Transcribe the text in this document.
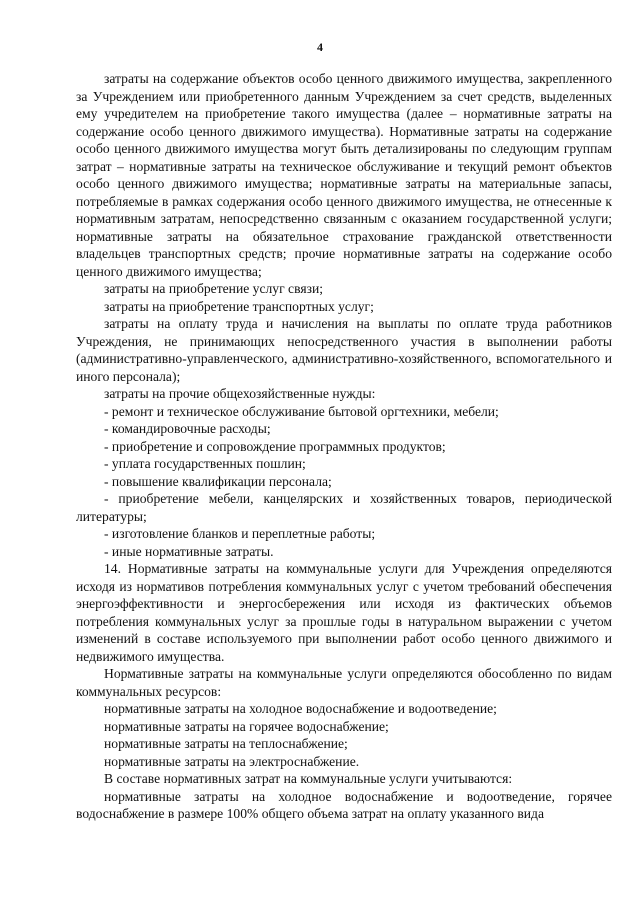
4

затраты на содержание объектов особо ценного движимого имущества, закрепленного за Учреждением или приобретенного данным Учреждением за счет средств, выделенных ему учредителем на приобретение такого имущества (далее – нормативные затраты на содержание особо ценного движимого имущества). Нормативные затраты на содержание особо ценного движимого имущества могут быть детализированы по следующим группам затрат – нормативные затраты на техническое обслуживание и текущий ремонт объектов особо ценного движимого имущества; нормативные затраты на материальные запасы, потребляемые в рамках содержания особо ценного движимого имущества, не отнесенные к нормативным затратам, непосредственно связанным с оказанием государственной услуги; нормативные затраты на обязательное страхование гражданской ответственности владельцев транспортных средств; прочие нормативные затраты на содержание особо ценного движимого имущества;

затраты на приобретение услуг связи;

затраты на приобретение транспортных услуг;

затраты на оплату труда и начисления на выплаты по оплате труда работников Учреждения, не принимающих непосредственного участия в выполнении работы (административно-управленческого, административно-хозяйственного, вспомогательного и иного персонала);

затраты на прочие общехозяйственные нужды:

- ремонт и техническое обслуживание бытовой оргтехники, мебели;

- командировочные расходы;

- приобретение и сопровождение программных продуктов;

- уплата государственных пошлин;

- повышение квалификации персонала;

- приобретение мебели, канцелярских и хозяйственных товаров, периодической литературы;

- изготовление бланков и переплетные работы;

- иные нормативные затраты.

14. Нормативные затраты на коммунальные услуги для Учреждения определяются исходя из нормативов потребления коммунальных услуг с учетом требований обеспечения энергоэффективности и энергосбережения или исходя из фактических объемов потребления коммунальных услуг за прошлые годы в натуральном выражении с учетом изменений в составе используемого при выполнении работ особо ценного движимого и недвижимого имущества.

Нормативные затраты на коммунальные услуги определяются обособленно по видам коммунальных ресурсов:

нормативные затраты на холодное водоснабжение и водоотведение;

нормативные затраты на горячее водоснабжение;

нормативные затраты на теплоснабжение;

нормативные затраты на электроснабжение.

В составе нормативных затрат на коммунальные услуги учитываются:

нормативные затраты на холодное водоснабжение и водоотведение, горячее водоснабжение в размере 100% общего объема затрат на оплату указанного вида
